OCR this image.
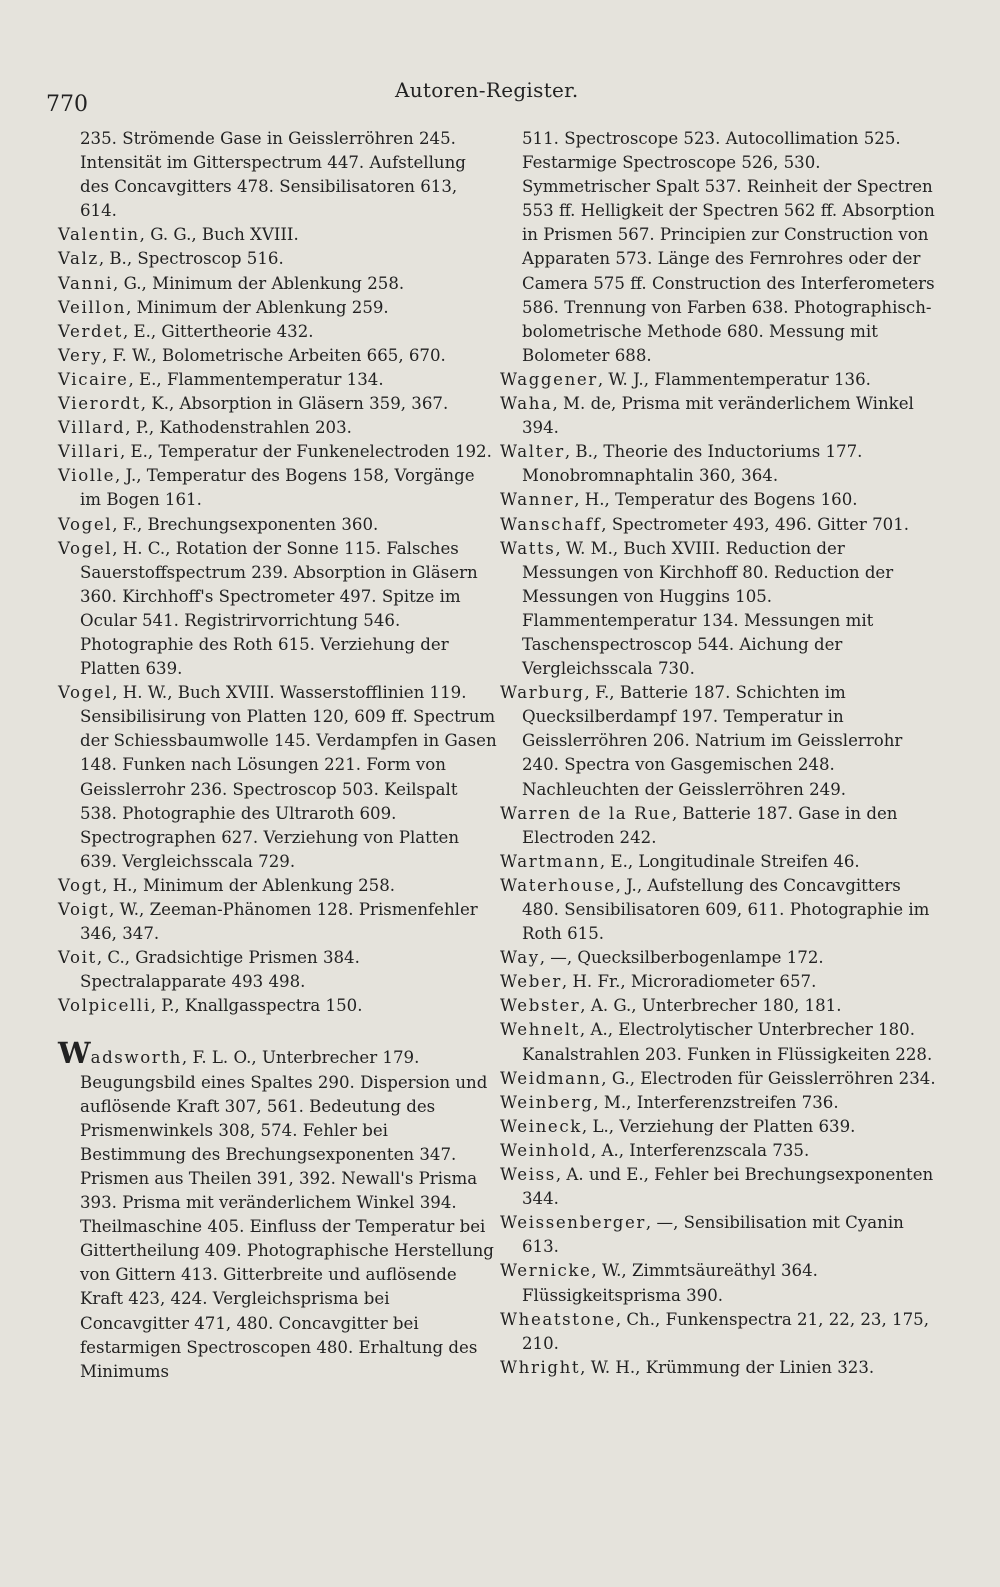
770
Autoren-Register.

235. Strömende Gase in Geisslerröhren 245. Intensität im Gitterspectrum 447. Aufstellung des Concavgitters 478. Sensibilisatoren 613, 614.

Valentin, G. G., Buch XVIII.

Valz, B., Spectroscop 516.

Vanni, G., Minimum der Ablenkung 258.

Veillon, Minimum der Ablenkung 259.

Verdet, E., Gittertheorie 432.

Very, F. W., Bolometrische Arbeiten 665, 670.

Vicaire, E., Flammentemperatur 134.

Vierordt, K., Absorption in Gläsern 359, 367.

Villard, P., Kathodenstrahlen 203.

Villari, E., Temperatur der Funkenelectroden 192.

Violle, J., Temperatur des Bogens 158, Vorgänge im Bogen 161.

Vogel, F., Brechungsexponenten 360.

Vogel, H. C., Rotation der Sonne 115. Falsches Sauerstoffspectrum 239. Absorption in Gläsern 360. Kirchhoff's Spectrometer 497. Spitze im Ocular 541. Registrirvorrichtung 546. Photographie des Roth 615. Verziehung der Platten 639.

Vogel, H. W., Buch XVIII. Wasserstofflinien 119. Sensibilisirung von Platten 120, 609 ff. Spectrum der Schiessbaumwolle 145. Verdampfen in Gasen 148. Funken nach Lösungen 221. Form von Geisslerrohr 236. Spectroscop 503. Keilspalt 538. Photographie des Ultraroth 609. Spectrographen 627. Verziehung von Platten 639. Vergleichsscala 729.

Vogt, H., Minimum der Ablenkung 258.

Voigt, W., Zeeman-Phänomen 128. Prismenfehler 346, 347.

Voit, C., Gradsichtige Prismen 384. Spectralapparate 493 498.

Volpicelli, P., Knallgasspectra 150.

Wadsworth, F. L. O., Unterbrecher 179. Beugungsbild eines Spaltes 290. Dispersion und auflösende Kraft 307, 561. Bedeutung des Prismenwinkels 308, 574. Fehler bei Bestimmung des Brechungsexponenten 347. Prismen aus Theilen 391, 392. Newall's Prisma 393. Prisma mit veränderlichem Winkel 394. Theilmaschine 405. Einfluss der Temperatur bei Gittertheilung 409. Photographische Herstellung von Gittern 413. Gitterbreite und auflösende Kraft 423, 424. Vergleichsprisma bei Concavgitter 471, 480. Concavgitter bei festarmigen Spectroscopen 480. Erhaltung des Minimums

511. Spectroscope 523. Autocollimation 525. Festarmige Spectroscope 526, 530. Symmetrischer Spalt 537. Reinheit der Spectren 553 ff. Helligkeit der Spectren 562 ff. Absorption in Prismen 567. Principien zur Construction von Apparaten 573. Länge des Fernrohres oder der Camera 575 ff. Construction des Interferometers 586. Trennung von Farben 638. Photographisch-bolometrische Methode 680. Messung mit Bolometer 688.

Waggener, W. J., Flammentemperatur 136.

Waha, M. de, Prisma mit veränderlichem Winkel 394.

Walter, B., Theorie des Inductoriums 177. Monobromnaphtalin 360, 364.

Wanner, H., Temperatur des Bogens 160.

Wanschaff, Spectrometer 493, 496. Gitter 701.

Watts, W. M., Buch XVIII. Reduction der Messungen von Kirchhoff 80. Reduction der Messungen von Huggins 105. Flammentemperatur 134. Messungen mit Taschenspectroscop 544. Aichung der Vergleichsscala 730.

Warburg, F., Batterie 187. Schichten im Quecksilberdampf 197. Temperatur in Geisslerröhren 206. Natrium im Geisslerrohr 240. Spectra von Gasgemischen 248. Nachleuchten der Geisslerröhren 249.

Warren de la Rue, Batterie 187. Gase in den Electroden 242.

Wartmann, E., Longitudinale Streifen 46.

Waterhouse, J., Aufstellung des Concavgitters 480. Sensibilisatoren 609, 611. Photographie im Roth 615.

Way, —, Quecksilberbogenlampe 172.

Weber, H. Fr., Microradiometer 657.

Webster, A. G., Unterbrecher 180, 181.

Wehnelt, A., Electrolytischer Unterbrecher 180. Kanalstrahlen 203. Funken in Flüssigkeiten 228.

Weidmann, G., Electroden für Geisslerröhren 234.

Weinberg, M., Interferenzstreifen 736.

Weineck, L., Verziehung der Platten 639.

Weinhold, A., Interferenzscala 735.

Weiss, A. und E., Fehler bei Brechungsexponenten 344.

Weissenberger, —, Sensibilisation mit Cyanin 613.

Wernicke, W., Zimmtsäureäthyl 364. Flüssigkeitsprisma 390.

Wheatstone, Ch., Funkenspectra 21, 22, 23, 175, 210.

Whright, W. H., Krümmung der Linien 323.
